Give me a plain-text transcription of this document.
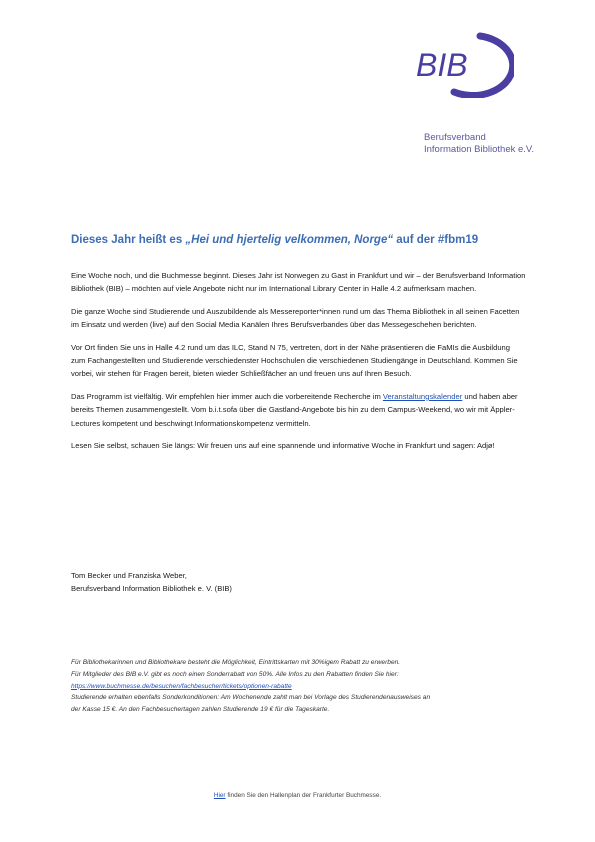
BIB
Berufsverband
Information Bibliothek e.V.
Dieses Jahr heißt es „Hei und hjertelig velkommen, Norge“ auf der #fbm19

Eine Woche noch, und die Buchmesse beginnt. Dieses Jahr ist Norwegen zu Gast in Frankfurt und wir – der Berufsverband Information Bibliothek (BIB) – möchten auf viele Angebote nicht nur im International Library Center in Halle 4.2 aufmerksam machen.

Die ganze Woche sind Studierende und Auszubildende als Messereporter*innen rund um das Thema Bibliothek in all seinen Facetten im Einsatz und werden (live) auf den Social Media Kanälen Ihres Berufsverbandes über das Messegeschehen berichten.

Vor Ort finden Sie uns in Halle 4.2 rund um das ILC, Stand N 75, vertreten, dort in der Nähe präsentieren die FaMIs die Ausbildung zum Fachangestellten und Studierende verschiedenster Hochschulen die verschiedenen Studiengänge in Deutschland. Kommen Sie vorbei, wir stehen für Fragen bereit, bieten wieder Schließfächer an und freuen uns auf Ihren Besuch.

Das Programm ist vielfältig. Wir empfehlen hier immer auch die vorbereitende Recherche im Veranstaltungskalender und haben aber bereits Themen zusammengestellt. Vom b.i.t.sofa über die Gastland-Angebote bis hin zu dem Campus-Weekend, wo wir mit Äppler-Lectures kompetent und beschwingt Informationskompetenz vermitteln.

Lesen Sie selbst, schauen Sie längs: Wir freuen uns auf eine spannende und informative Woche in Frankfurt und sagen: Adjø!

Tom Becker und Franziska Weber,
Berufsverband Information Bibliothek e. V. (BIB)
Für Bibliothekarinnen und Bibliothekare besteht die Möglichkeit, Eintrittskarten mit 30%igem Rabatt zu erwerben.
Für Mitglieder des BIB e.V. gibt es noch einen Sonderrabatt von 50%. Alle Infos zu den Rabatten finden Sie hier:
https://www.buchmesse.de/besuchen/fachbesucher/tickets/optionen-rabatte
Studierende erhalten ebenfalls Sonderkonditionen: Am Wochenende zahlt man bei Vorlage des Studierendenausweises an
der Kasse 15 €. An den Fachbesuchertagen zahlen Studierende 19 € für die Tageskarte.
Hier finden Sie den Hallenplan der Frankfurter Buchmesse.
